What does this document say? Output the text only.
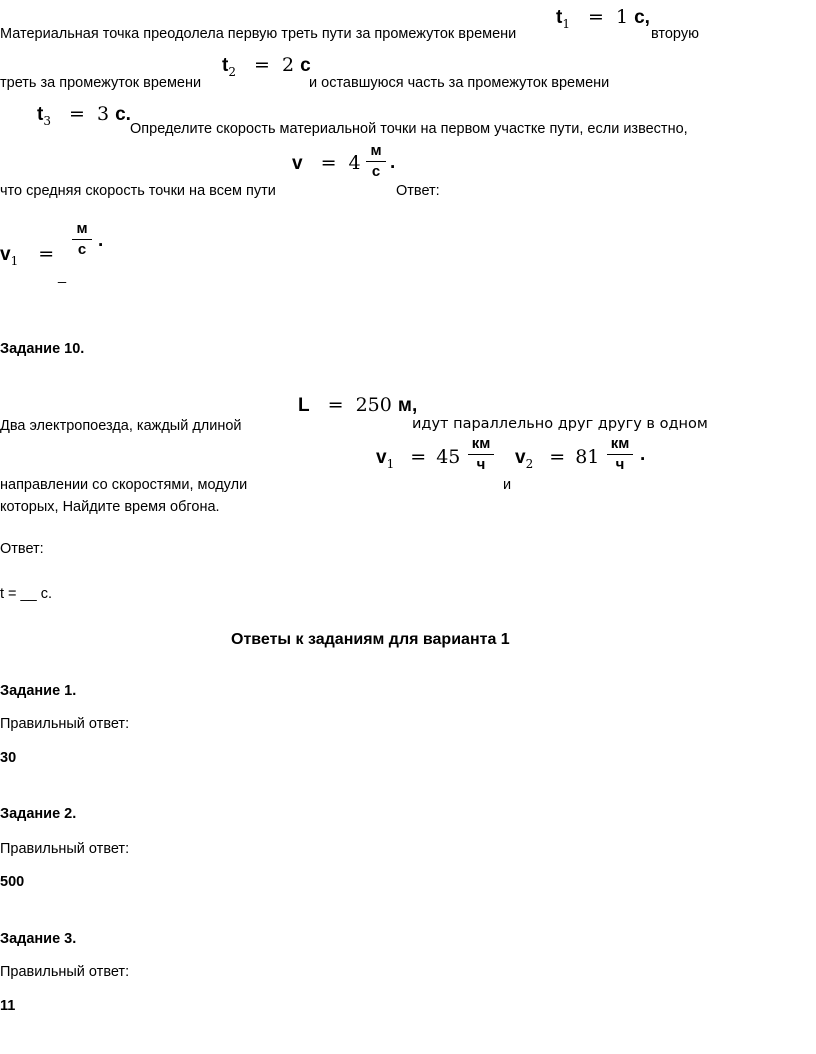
Материальная точка преодолела первую треть пути за промежуток времени
$t_1 = 1$ с,
вторую
треть за промежуток времени
$t_2 = 2$ с
и оставшуюся часть за промежуток времени
$t_3 = 3$ с.
Определите скорость материальной точки на первом участке пути, если известно,
что средняя скорость точки на всем пути
v = 4
м
с .
Ответ:
$v_1$ =
м
с .
_
Задание 10.
Два электропоезда, каждый длиной
L = 250 м,
идут параллельно друг другу в одном
$v_1 = 45$
км
ч	$v_2 = 81$
км
ч .
направлении со скоростями, модули	и
которых, Найдите время обгона.
Ответ:
t = __ с.
Ответы к заданиям для варианта 1
Задание 1.
Правильный ответ:
30
Задание 2.
Правильный ответ:
500
Задание 3.
Правильный ответ:
11
